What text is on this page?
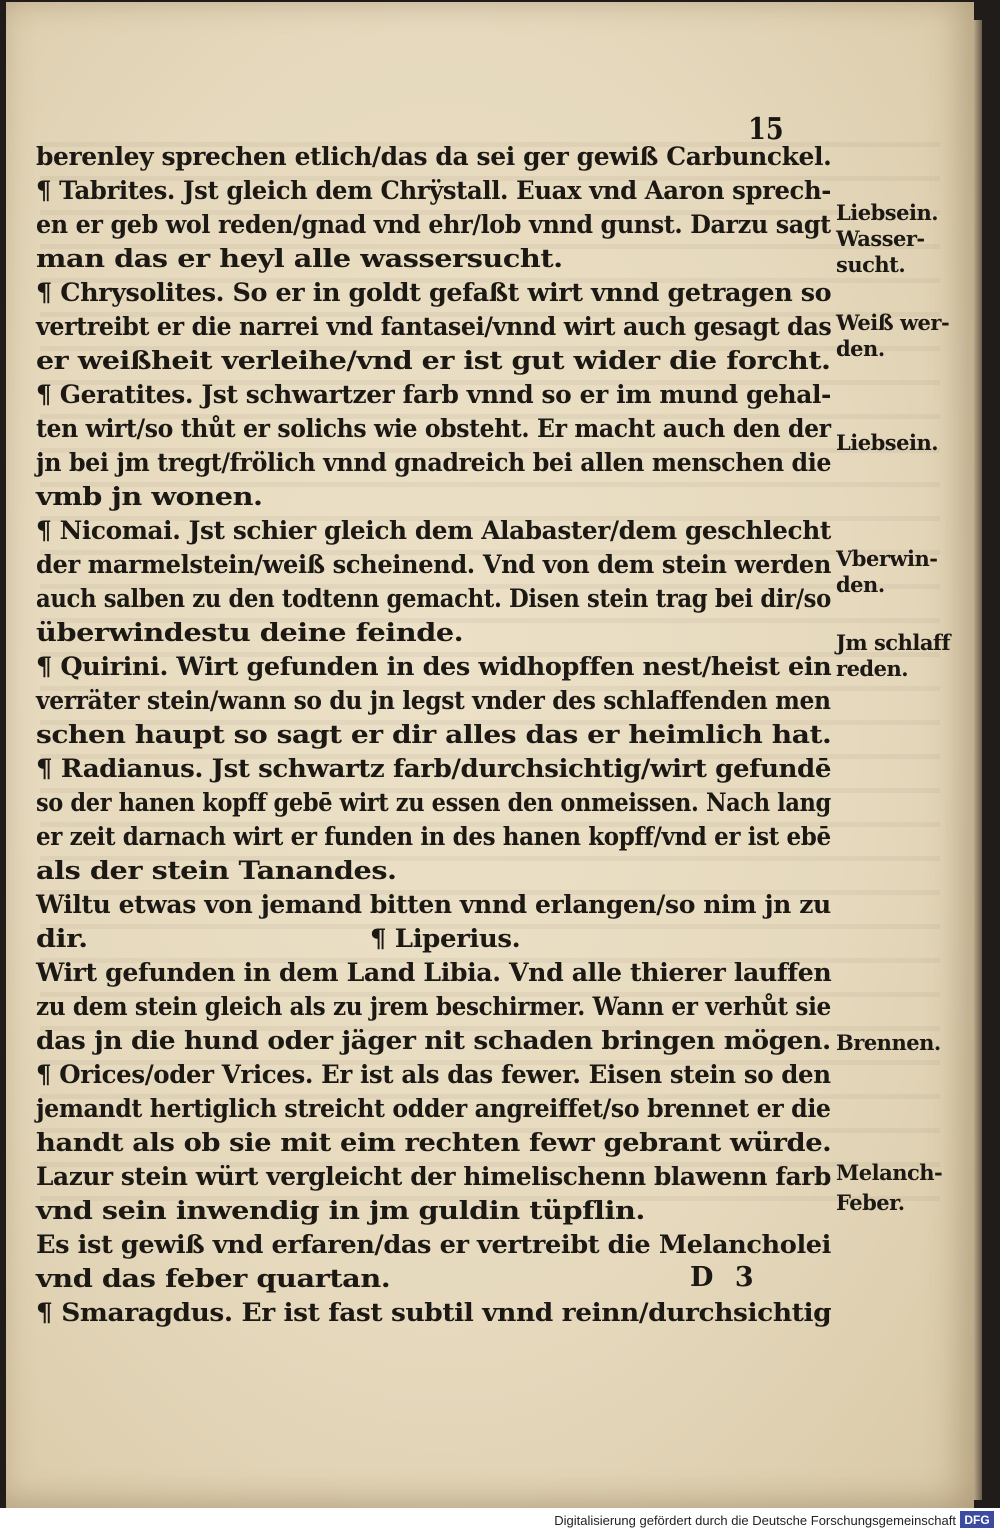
15
berenley sprechen etlich/das da sei ger gewiß Carbunckel.
¶ Tabrites. Jst gleich dem Chrÿstall. Euax vnd Aaron sprech-
en er geb wol reden/gnad vnd ehr/lob vnnd gunst. Darzu sagt
man das er heyl alle wassersucht.
¶ Chrysolites. So er in goldt gefaßt wirt vnnd getragen so
vertreibt er die narrei vnd fantasei/vnnd wirt auch gesagt das
er weißheit verleihe/vnd er ist gut wider die forcht.
¶ Geratites. Jst schwartzer farb vnnd so er im mund gehal-
ten wirt/so thůt er solichs wie obsteht. Er macht auch den der
jn bei jm tregt/frölich vnnd gnadreich bei allen menschen die
vmb jn wonen.
¶ Nicomai. Jst schier gleich dem Alabaster/dem geschlecht
der marmelstein/weiß scheinend. Vnd von dem stein werden
auch salben zu den todtenn gemacht. Disen stein trag bei dir/so
überwindestu deine feinde.
¶ Quirini. Wirt gefunden in des widhopffen nest/heist ein
verräter stein/wann so du jn legst vnder des schlaffenden men
schen haupt so sagt er dir alles das er heimlich hat.
¶ Radianus. Jst schwartz farb/durchsichtig/wirt gefundē
so der hanen kopff gebē wirt zu essen den onmeissen. Nach lang
er zeit darnach wirt er funden in des hanen kopff/vnd er ist ebē
als der stein Tanandes.
Wiltu etwas von jemand bitten vnnd erlangen/so nim jn zu
dir.	¶ Liperius.
Wirt gefunden in dem Land Libia. Vnd alle thierer lauffen
zu dem stein gleich als zu jrem beschirmer. Wann er verhůt sie
das jn die hund oder jäger nit schaden bringen mögen.
¶ Orices/oder Vrices. Er ist als das fewer. Eisen stein so den
jemandt hertiglich streicht odder angreiffet/so brennet er die
handt als ob sie mit eim rechten fewr gebrant würde.
Lazur stein würt vergleicht der himelischenn blawenn farb
vnd sein inwendig in jm guldin tüpflin.
Es ist gewiß vnd erfaren/das er vertreibt die Melancholei
vnd das feber quartan.
¶ Smaragdus. Er ist fast subtil vnnd reinn/durchsichtig
Liebsein.
Wasser-
sucht.
Weiß wer-
den.
Liebsein.
Vberwin-
den.
Jm schlaff
reden.
Brennen.
Melanch-
Feber.
D 3
Digitalisierung gefördert durch die Deutsche Forschungsgemeinschaft DFG
